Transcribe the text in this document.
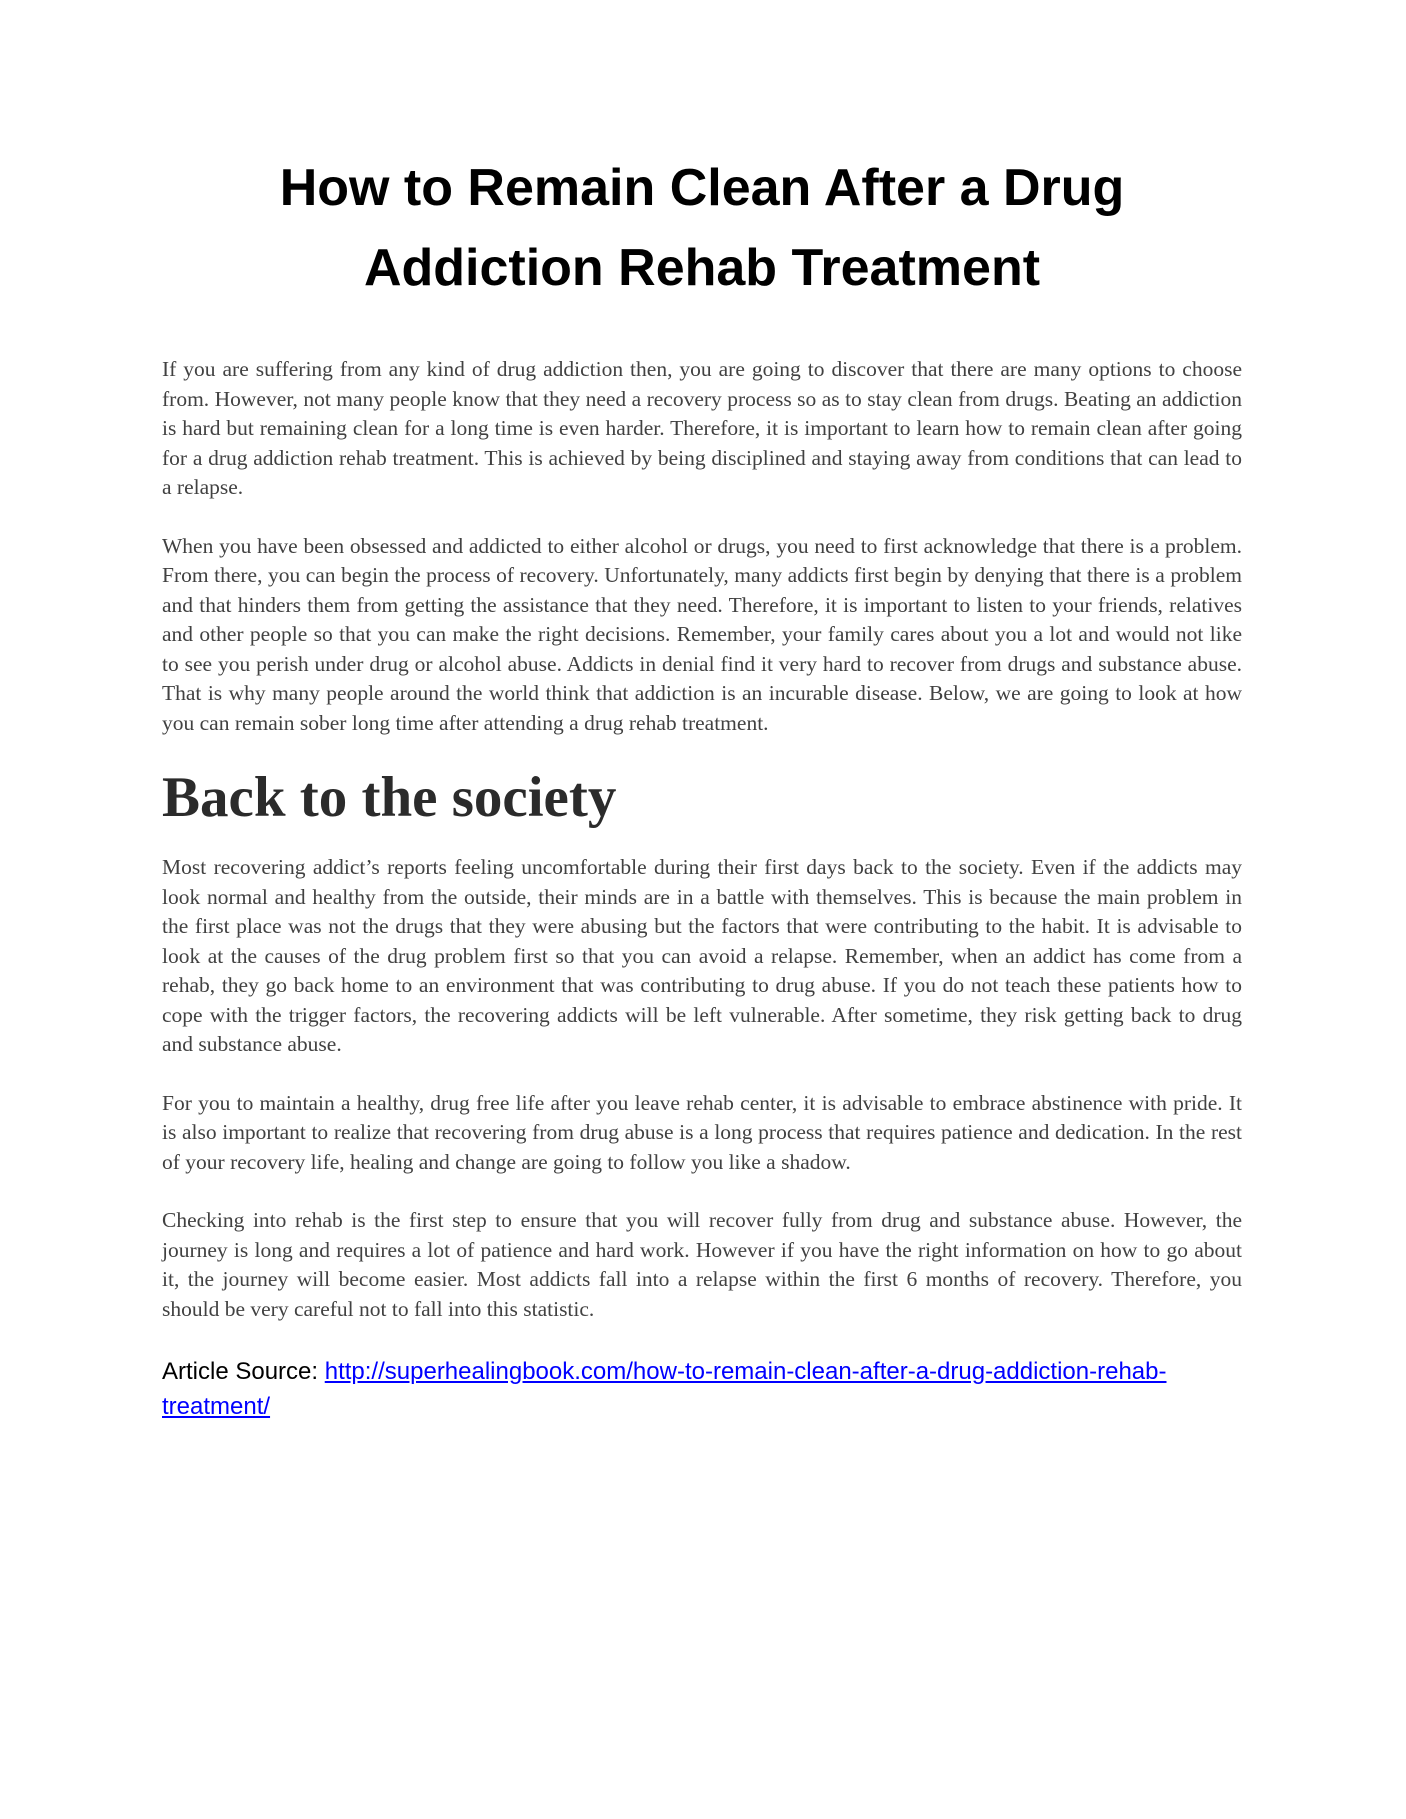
How to Remain Clean After a Drug
Addiction Rehab Treatment

If you are suffering from any kind of drug addiction then, you are going to discover that there are many options to choose from. However, not many people know that they need a recovery process so as to stay clean from drugs. Beating an addiction is hard but remaining clean for a long time is even harder. Therefore, it is important to learn how to remain clean after going for a drug addiction rehab treatment. This is achieved by being disciplined and staying away from conditions that can lead to a relapse.

When you have been obsessed and addicted to either alcohol or drugs, you need to first acknowledge that there is a problem. From there, you can begin the process of recovery. Unfortunately, many addicts first begin by denying that there is a problem and that hinders them from getting the assistance that they need. Therefore, it is important to listen to your friends, relatives and other people so that you can make the right decisions. Remember, your family cares about you a lot and would not like to see you perish under drug or alcohol abuse. Addicts in denial find it very hard to recover from drugs and substance abuse. That is why many people around the world think that addiction is an incurable disease. Below, we are going to look at how you can remain sober long time after attending a drug rehab treatment.

Back to the society

Most recovering addict’s reports feeling uncomfortable during their first days back to the society. Even if the addicts may look normal and healthy from the outside, their minds are in a battle with themselves. This is because the main problem in the first place was not the drugs that they were abusing but the factors that were contributing to the habit. It is advisable to look at the causes of the drug problem first so that you can avoid a relapse. Remember, when an addict has come from a rehab, they go back home to an environment that was contributing to drug abuse. If you do not teach these patients how to cope with the trigger factors, the recovering addicts will be left vulnerable. After sometime, they risk getting back to drug and substance abuse.

For you to maintain a healthy, drug free life after you leave rehab center, it is advisable to embrace abstinence with pride. It is also important to realize that recovering from drug abuse is a long process that requires patience and dedication. In the rest of your recovery life, healing and change are going to follow you like a shadow.

Checking into rehab is the first step to ensure that you will recover fully from drug and substance abuse. However, the journey is long and requires a lot of patience and hard work. However if you have the right information on how to go about it, the journey will become easier. Most addicts fall into a relapse within the first 6 months of recovery. Therefore, you should be very careful not to fall into this statistic.

Article Source: http://superhealingbook.com/how-to-remain-clean-after-a-drug-addiction-rehab-treatment/
